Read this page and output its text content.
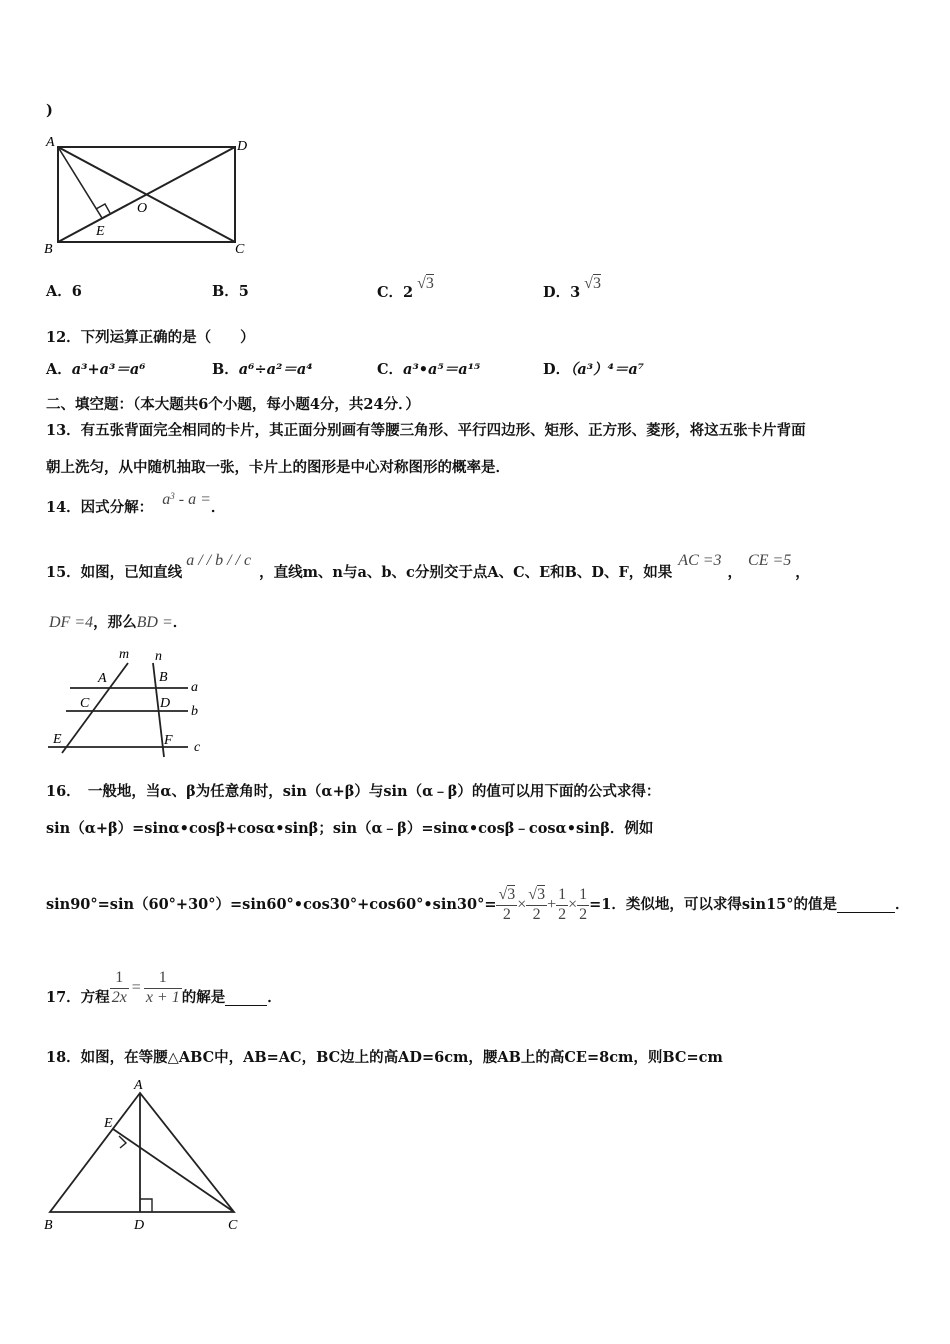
)
A	D
B	C
O
E
A．6	B．5	C．2√3
D．3√3
12．下列运算正确的是（　　）
A．a³+a³＝a⁶	B．a⁶÷a²＝a⁴	C．a³•a⁵＝a¹⁵	D．（a³）⁴＝a⁷
二、填空题：（本大题共6个小题，每小题4分，共24分．）
13．有五张背面完全相同的卡片，其正面分别画有等腰三角形、平行四边形、矩形、正方形、菱形，将这五张卡片背面
朝上洗匀，从中随机抽取一张，卡片上的图形是中心对称图形的概率是．
14．因式分解： $a^3$ - a =．
15．如图，已知直线a / / b / / c，直线m、n与a、b、c分别交于点A、C、E和B、D、F，如果AC =3，CE =5，
DF =4，那么BD =．
m n
A	B
C	D
E	F
a
b
c
16．　一般地，当α、β为任意角时，sin（α+β）与sin（α﹣β）的值可以用下面的公式求得：
sin（α+β）=sinα•cosβ+cosα•sinβ；sin（α﹣β）=sinα•cosβ﹣cosα•sinβ．例如
sin90°=sin（60°+30°）=sin60°•cos30°+cos60°•sin30°= $\frac{√3}{2} \times \frac{√3}{2} + \frac{1}{2} \times \frac{1}{2} =1$．类似地，可以求得sin15°的值是	．
17．方程 $\frac{1}{2x} = \frac{1}{x + 1}$ 的解是	．
18．如图，在等腰△ABC中，AB=AC，BC边上的高AD=6cm，腰AB上的高CE=8cm，则BC=cm
A
E
B	D	C
